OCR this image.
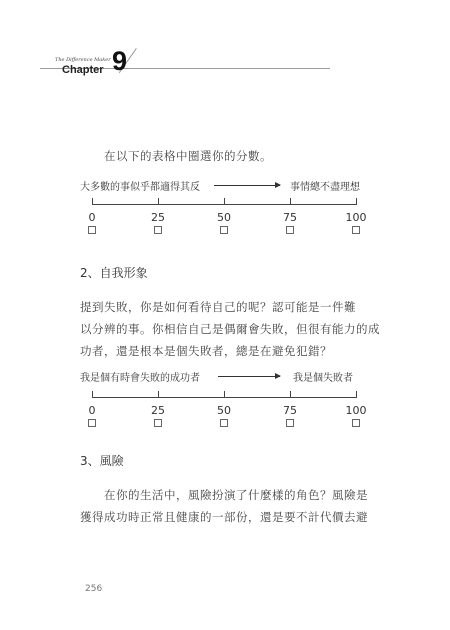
The Difference Maker
Chapter 9
在以下的表格中圈選你的分數。
大多數的事似乎都適得其反	事情總不盡理想
0	25	50	75	100
2、自我形象
提到失敗，你是如何看待自己的呢？認可能是一件難
以分辨的事。你相信自己是偶爾會失敗，但很有能力的成
功者，還是根本是個失敗者，總是在避免犯錯？
我是個有時會失敗的成功者	我是個失敗者
0	25	50	75	100
3、風險
在你的生活中，風險扮演了什麼樣的角色？風險是
獲得成功時正常且健康的一部份，還是要不計代價去避
256
